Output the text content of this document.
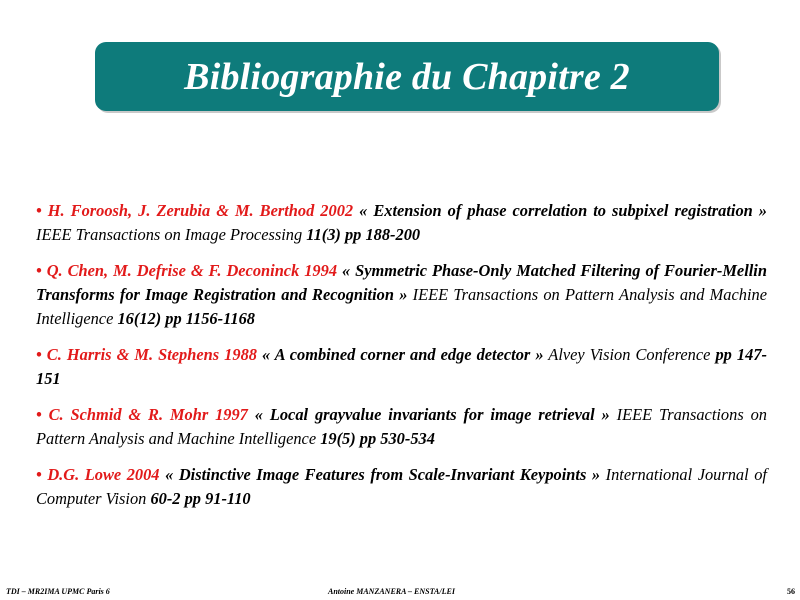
Bibliographie du Chapitre 2

• H. Foroosh, J. Zerubia & M. Berthod 2002 « Extension of phase correlation to subpixel registration » IEEE Transactions on Image Processing 11(3) pp 188-200

• Q. Chen, M. Defrise & F. Deconinck 1994 « Symmetric Phase-Only Matched Filtering of Fourier-Mellin Transforms for Image Registration and Recognition » IEEE Transactions on Pattern Analysis and Machine Intelligence 16(12) pp 1156-1168

• C. Harris & M. Stephens 1988 « A combined corner and edge detector » Alvey Vision Conference pp 147-151

• C. Schmid & R. Mohr 1997 « Local grayvalue invariants for image retrieval » IEEE Transactions on Pattern Analysis and Machine Intelligence 19(5) pp 530-534

• D.G. Lowe 2004 « Distinctive Image Features from Scale-Invariant Keypoints » International Journal of Computer Vision 60-2 pp 91-110

TDI – MR2IMA UPMC Paris 6	Antoine MANZANERA – ENSTA/LEI	56
